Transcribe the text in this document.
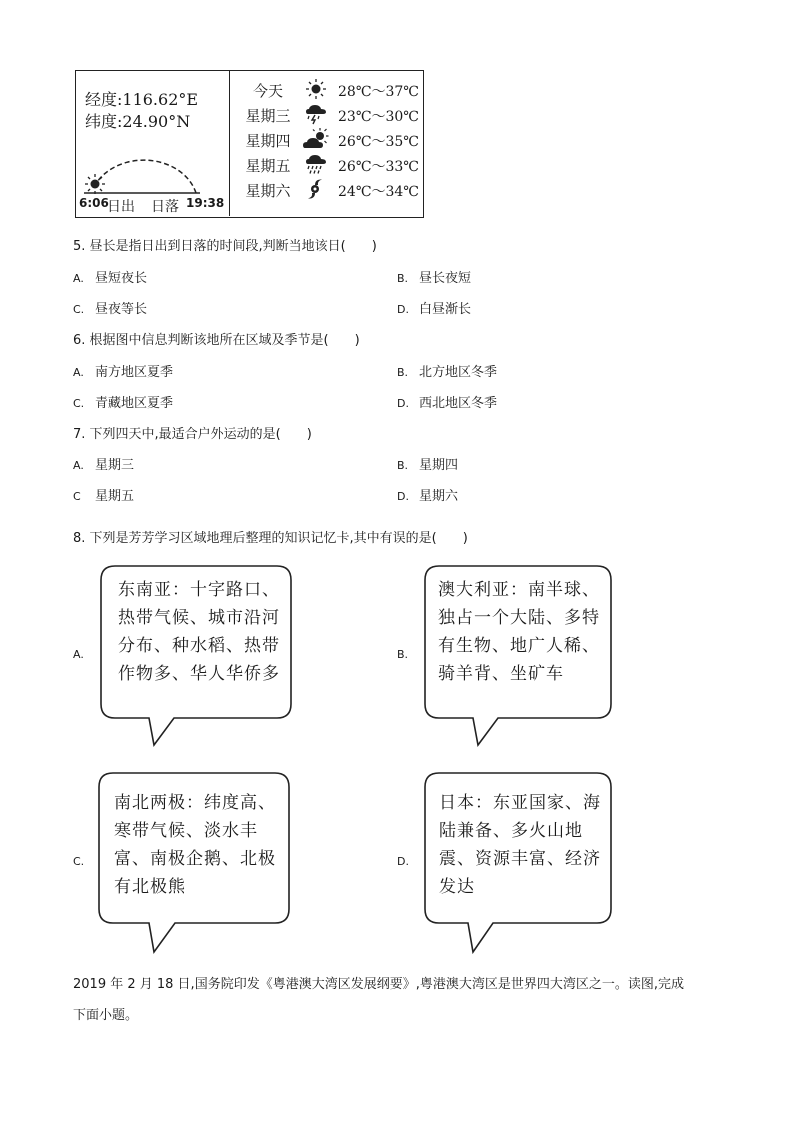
经度:116.62°E
纬度:24.90°N
6:06
日出 日落 19:38
今天	28℃～37℃
星期三	23℃～30℃
星期四	26℃～35℃
星期五	26℃～33℃
星期六	24℃～34℃
5. 昼长是指日出到日落的时间段,判断当地该日(　　)
A. 昼短夜长	B. 昼长夜短
C. 昼夜等长	D. 白昼渐长
6. 根据图中信息判断该地所在区域及季节是(　　)
A. 南方地区夏季	B. 北方地区冬季
C. 青藏地区夏季	D. 西北地区冬季
7. 下列四天中,最适合户外运动的是(　　)
A. 星期三	B. 星期四
C 星期五	D. 星期六
8. 下列是芳芳学习区域地理后整理的知识记忆卡,其中有误的是(　　)
A.
东南亚：十字路口、
热带气候、城市沿河
分布、种水稻、热带
作物多、华人华侨多
B.
澳大利亚：南半球、
独占一个大陆、多特
有生物、地广人稀、
骑羊背、坐矿车
C.
南北两极：纬度高、
寒带气候、淡水丰
富、南极企鹅、北极
有北极熊
D.
日本：东亚国家、海
陆兼备、多火山地
震、资源丰富、经济
发达
2019 年 2 月 18 日,国务院印发《粤港澳大湾区发展纲要》,粤港澳大湾区是世界四大湾区之一。读图,完成
下面小题。
